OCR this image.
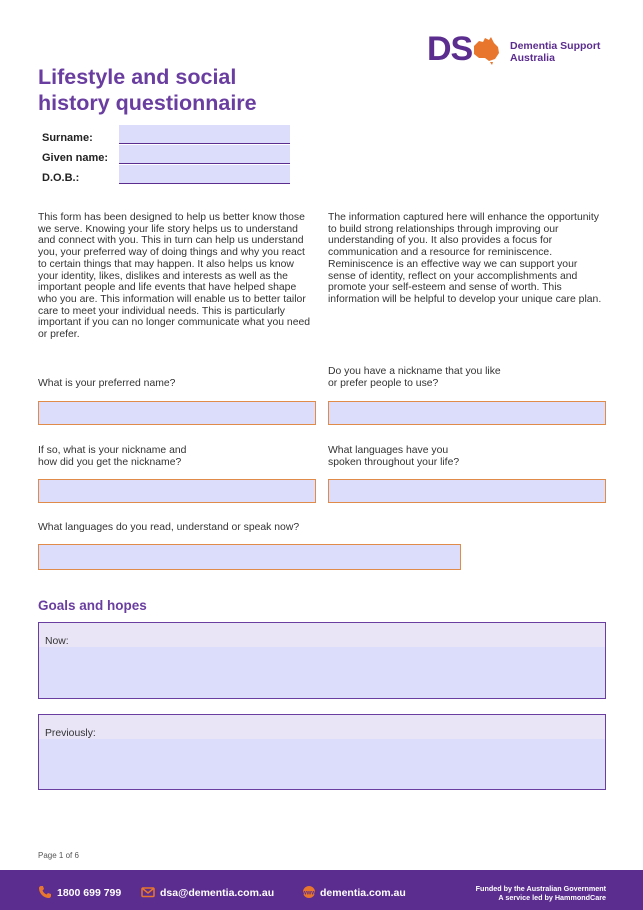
DS	Dementia Support
Australia
Lifestyle and social
history questionnaire
Surname:
Given name:
D.O.B.:
This form has been designed to help us better know those we serve. Knowing your life story helps us to understand and connect with you. This in turn can help us understand you, your preferred way of doing things and why you react to certain things that may happen. It also helps us know your identity, likes, dislikes and interests as well as the important people and life events that have helped shape who you are. This information will enable us to better tailor care to meet your individual needs. This is particularly important if you can no longer communicate what you need or prefer.
The information captured here will enhance the opportunity to build strong relationships through improving our understanding of you. It also provides a focus for communication and a resource for reminiscence. Reminiscence is an effective way we can support your sense of identity, reflect on your accomplishments and promote your self-esteem and sense of worth. This information will be helpful to develop your unique care plan.
What is your preferred name?
Do you have a nickname that you like
or prefer people to use?
If so, what is your nickname and
how did you get the nickname?
What languages have you
spoken throughout your life?
What languages do you read, understand or speak now?
Goals and hopes
Now:
Previously:
Page 1 of 6
1800 699 799	dsa@dementia.com.au	www dementia.com.au	Funded by the Australian Government
A service led by HammondCare
